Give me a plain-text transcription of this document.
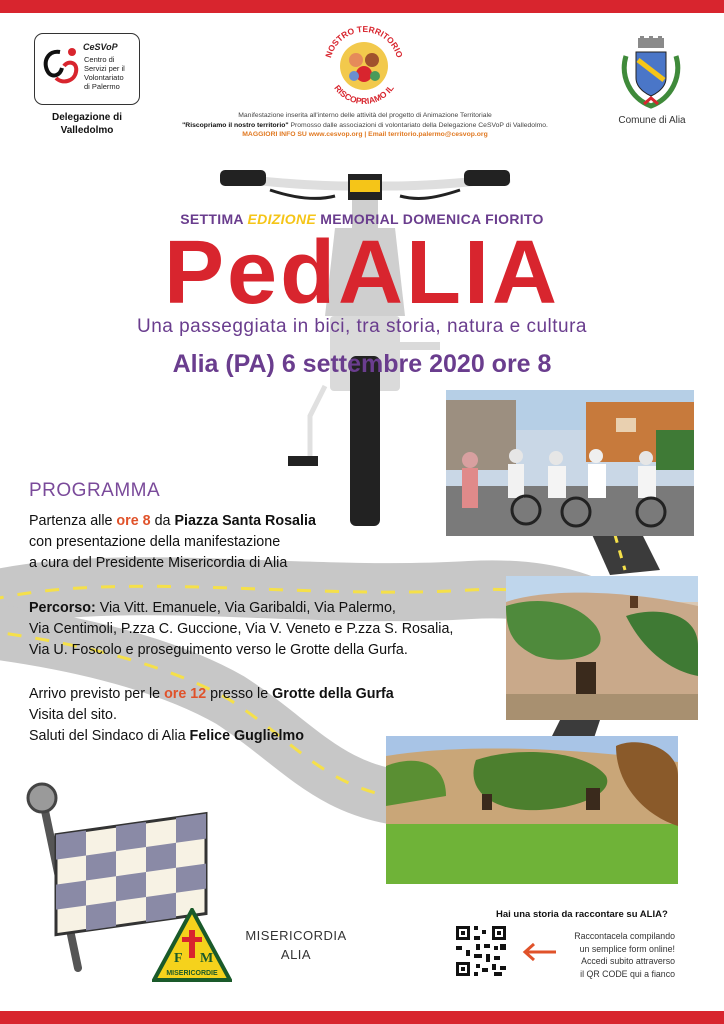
CeSVoP
Centro di
Servizi per il
Volontariato
di Palermo
Delegazione di
Valledolmo
NOSTRO TERRITORIO
RISCOPRIAMO IL
Manifestazione inserita all'interno delle attività del progetto di Animazione Territoriale
"Riscopriamo il nostro territorio" Promosso dalle associazioni di volontariato della Delegazione CeSVoP di Valledolmo.
MAGGIORI INFO SU www.cesvop.org | Email territorio.palermo@cesvop.org
Comune di Alia
SETTIMA EDIZIONE MEMORIAL DOMENICA FIORITO
PedALIA
Una passeggiata in bici, tra storia, natura e cultura
Alia (PA) 6 settembre 2020 ore 8
PROGRAMMA
Partenza alle ore 8 da Piazza Santa Rosalia
con presentazione della manifestazione
a cura del Presidente Misericordia di Alia
Percorso: Via Vitt. Emanuele, Via Garibaldi, Via Palermo,
Via Centimoli, P.zza C. Guccione, Via V. Veneto e P.zza S. Rosalia,
Via U. Foscolo e proseguimento verso le Grotte della Gurfa.
Arrivo previsto per le ore 12 presso le Grotte della Gurfa
Visita del sito.
Saluti del Sindaco di Alia Felice Guglielmo
F M
MISERICORDIE
MISERICORDIA
ALIA
Hai una storia da raccontare su ALIA?
Raccontacela compilando
un semplice form online!
Accedi subito attraverso
il QR CODE qui a fianco
